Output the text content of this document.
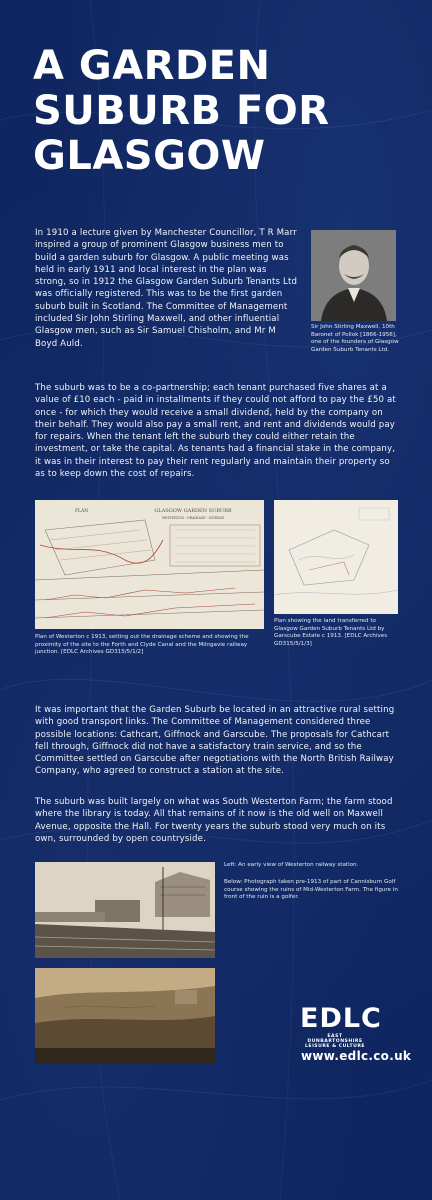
A GARDEN SUBURB FOR GLASGOW

In 1910 a lecture given by Manchester Councillor, T R Marr inspired a group of prominent Glasgow business men to build a garden suburb for Glasgow. A public meeting was held in early 1911 and local interest in the plan was strong, so in 1912 the Glasgow Garden Suburb Tenants Ltd was officially registered. This was to be the first garden suburb built in Scotland. The Committee of Management included Sir John Stirling Maxwell, and other influential Glasgow men, such as Sir Samuel Chisholm, and Mr M Boyd Auld.

Sir John Stirling Maxwell, 10th Baronet of Pollok [1866-1956], one of the founders of Glasgow Garden Suburb Tenants Ltd.

The suburb was to be a co-partnership; each tenant purchased five shares at a value of £10 each - paid in installments if they could not afford to pay the £50 at once - for which they would receive a small dividend, held by the company on their behalf. They would also pay a small rent, and rent and dividends would pay for repairs. When the tenant left the suburb they could either retain the investment, or take the capital. As tenants had a financial stake in the company, it was in their interest to pay their rent regularly and maintain their property so as to keep down the cost of repairs.

GLASGOW GARDEN SUBURB
WESTERTON · DRAINAGE · SCHEME
PLAN

Plan of Westerton c 1913, setting out the drainage scheme and showing the proximity of the site to the Forth and Clyde Canal and the Milngavie railway junction. [EDLC Archives GD315/5/1/2]

Plan showing the land transferred to Glasgow Garden Suburb Tenants Ltd by Garscube Estate c 1913. [EDLC Archives GD315/5/1/3]

It was important that the Garden Suburb be located in an attractive rural setting with good transport links. The Committee of Management considered three possible locations: Cathcart, Giffnock and Garscube. The proposals for Cathcart fell through, Giffnock did not have a satisfactory train service, and so the Committee settled on Garscube after negotiations with the North British Railway Company, who agreed to construct a station at the site.

The suburb was built largely on what was South Westerton Farm; the farm stood where the library is today. All that remains of it now is the old well on Maxwell Avenue, opposite the Hall. For twenty years the suburb stood very much on its own, surrounded by open countryside.

Left: An early view of Westerton railway station.

Below: Photograph taken pre-1913 of part of Cannisburn Golf course showing the ruins of Mid-Westerton Farm. The figure in front of the ruin is a golfer.

EDLC
EAST DUNBARTONSHIRE LEISURE & CULTURE
www.edlc.co.uk
